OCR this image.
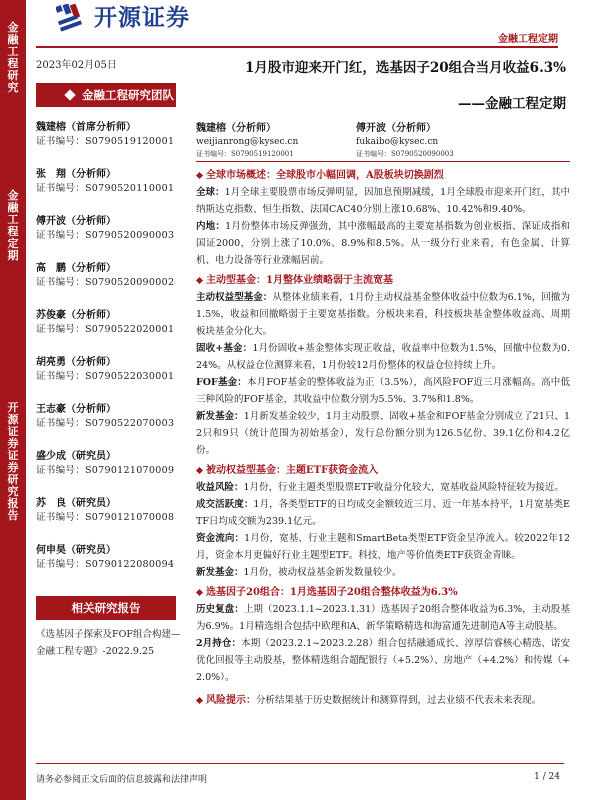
金融工程研究
金融工程定期
开源证券 证券研究报告
开源证券
金融工程定期
2023年02月05日
金融工程研究团队
魏建榕（首席分析师）
证书编号：S0790519120001
张　翔（分析师）
证书编号：S0790520110001
傅开波（分析师）
证书编号：S0790520090003
高　鹏（分析师）
证书编号：S0790520090002
苏俊豪（分析师）
证书编号：S0790522020001
胡亮勇（分析师）
证书编号：S0790522030001
王志豪（分析师）
证书编号：S0790522070003
盛少成（研究员）
证书编号：S0790121070009
苏　良（研究员）
证书编号：S0790121070008
何申昊（研究员）
证书编号：S0790122080094
相关研究报告
《选基因子探索及FOF组合构建—金融工程专题》-2022.9.25
1月股市迎来开门红，选基因子20组合当月收益6.3%
——金融工程定期
魏建榕（分析师）
weijianrong@kysec.cn
证书编号：S0790519120001
傅开波（分析师）
fukaibo@kysec.cn
证书编号：S0790520090003
全球市场概述：全球股市小幅回调，A股板块切换剧烈
全球：1月全球主要股票市场反弹明显，因加息预期减缓，1月全球股市迎来开门红，其中纳斯达克指数、恒生指数、法国CAC40分别上涨10.68%、10.42%和9.40%。
内地：1月份整体市场反弹强劲，其中涨幅最高的主要宽基指数为创业板指、深证成指和国证2000，分别上涨了10.0%、8.9%和8.5%。从一级分行业来看，有色金属、计算机、电力设备等行业涨幅居前。
主动型基金：1月整体业绩略弱于主流宽基
主动权益型基金：从整体业绩来看，1月份主动权益基金整体收益中位数为6.1%，回撤为1.5%，收益和回撤略弱于主要宽基指数。分板块来看，科技板块基金整体收益高、周期板块基金分化大。
固收+基金：1月份固收+基金整体实现正收益，收益率中位数为1.5%，回撤中位数为0.24%。从权益仓位测算来看，1月份较12月份整体的权益仓位持续上升。
FOF基金：本月FOF基金的整体收益为正（3.5%），高风险FOF近三月涨幅高。高中低三种风险的FOF基金，其收益中位数分别为5.5%、3.7%和1.8%。
新发基金：1月新发基金较少，1月主动股票、固收+基金和FOF基金分别成立了21只、12只和9只（统计范围为初始基金），发行总份额分别为126.5亿份、39.1亿份和4.2亿份。
被动权益型基金：主题ETF获资金流入
收益风险：1月份，行业主题类型股票ETF收益分化较大，宽基收益风险特征较为接近。
成交活跃度：1月，各类型ETF的日均成交金额较近三月、近一年基本持平，1月宽基类ETF日均成交额为239.1亿元。
资金流向：1月份，宽基、行业主题和SmartBeta类型ETF资金呈净流入。较2022年12月，资金本月更偏好行业主题型ETF。科技、地产等价值类ETF获资金青睐。
新发基金：1月份，被动权益基金新发数量较少。
选基因子20组合：1月选基因子20组合整体收益为6.3%
历史复盘：上期（2023.1.1~2023.1.31）选基因子20组合整体收益为6.3%，主动股基为6.9%。1月精选组合包括中欧理和A、新华策略精选和海富通先进制造A等主动股基。
2月持仓：本期（2023.2.1~2023.2.28）组合包括融通成长、淳厚信睿核心精选、诺安优化回报等主动股基，整体精选组合超配银行（+5.2%）、房地产（+4.2%）和传媒（+2.0%）。
风险提示：分析结果基于历史数据统计和测算得到，过去业绩不代表未来表现。
请务必参阅正文后面的信息披露和法律声明	1 / 24
